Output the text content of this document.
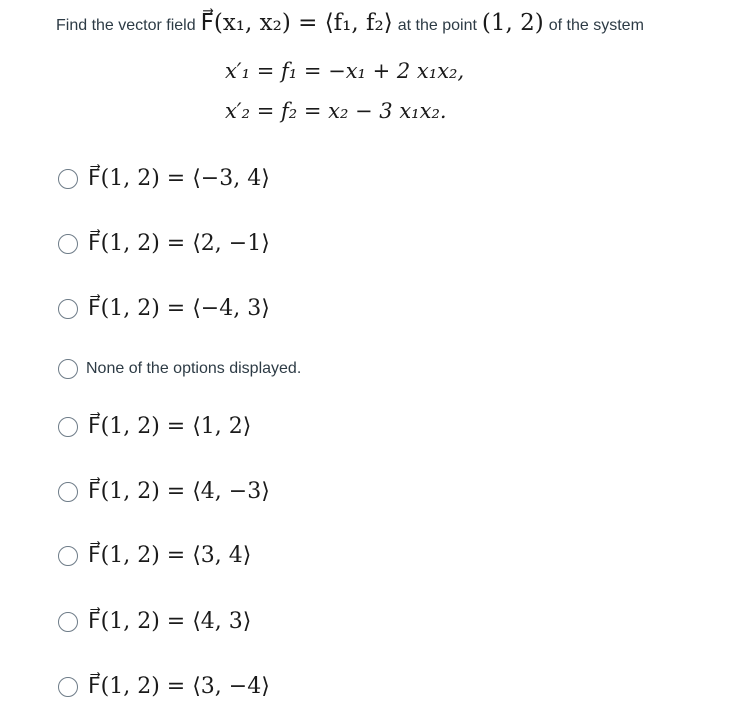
Find the vector field F⃗(x₁, x₂) = ⟨f₁, f₂⟩ at the point (1, 2) of the system
x′₁ = f₁ = −x₁ + 2 x₁x₂,
x′₂ = f₂ = x₂ − 3 x₁x₂.
F⃗(1, 2) = ⟨−3, 4⟩
F⃗(1, 2) = ⟨2, −1⟩
F⃗(1, 2) = ⟨−4, 3⟩
None of the options displayed.
F⃗(1, 2) = ⟨1, 2⟩
F⃗(1, 2) = ⟨4, −3⟩
F⃗(1, 2) = ⟨3, 4⟩
F⃗(1, 2) = ⟨4, 3⟩
F⃗(1, 2) = ⟨3, −4⟩
